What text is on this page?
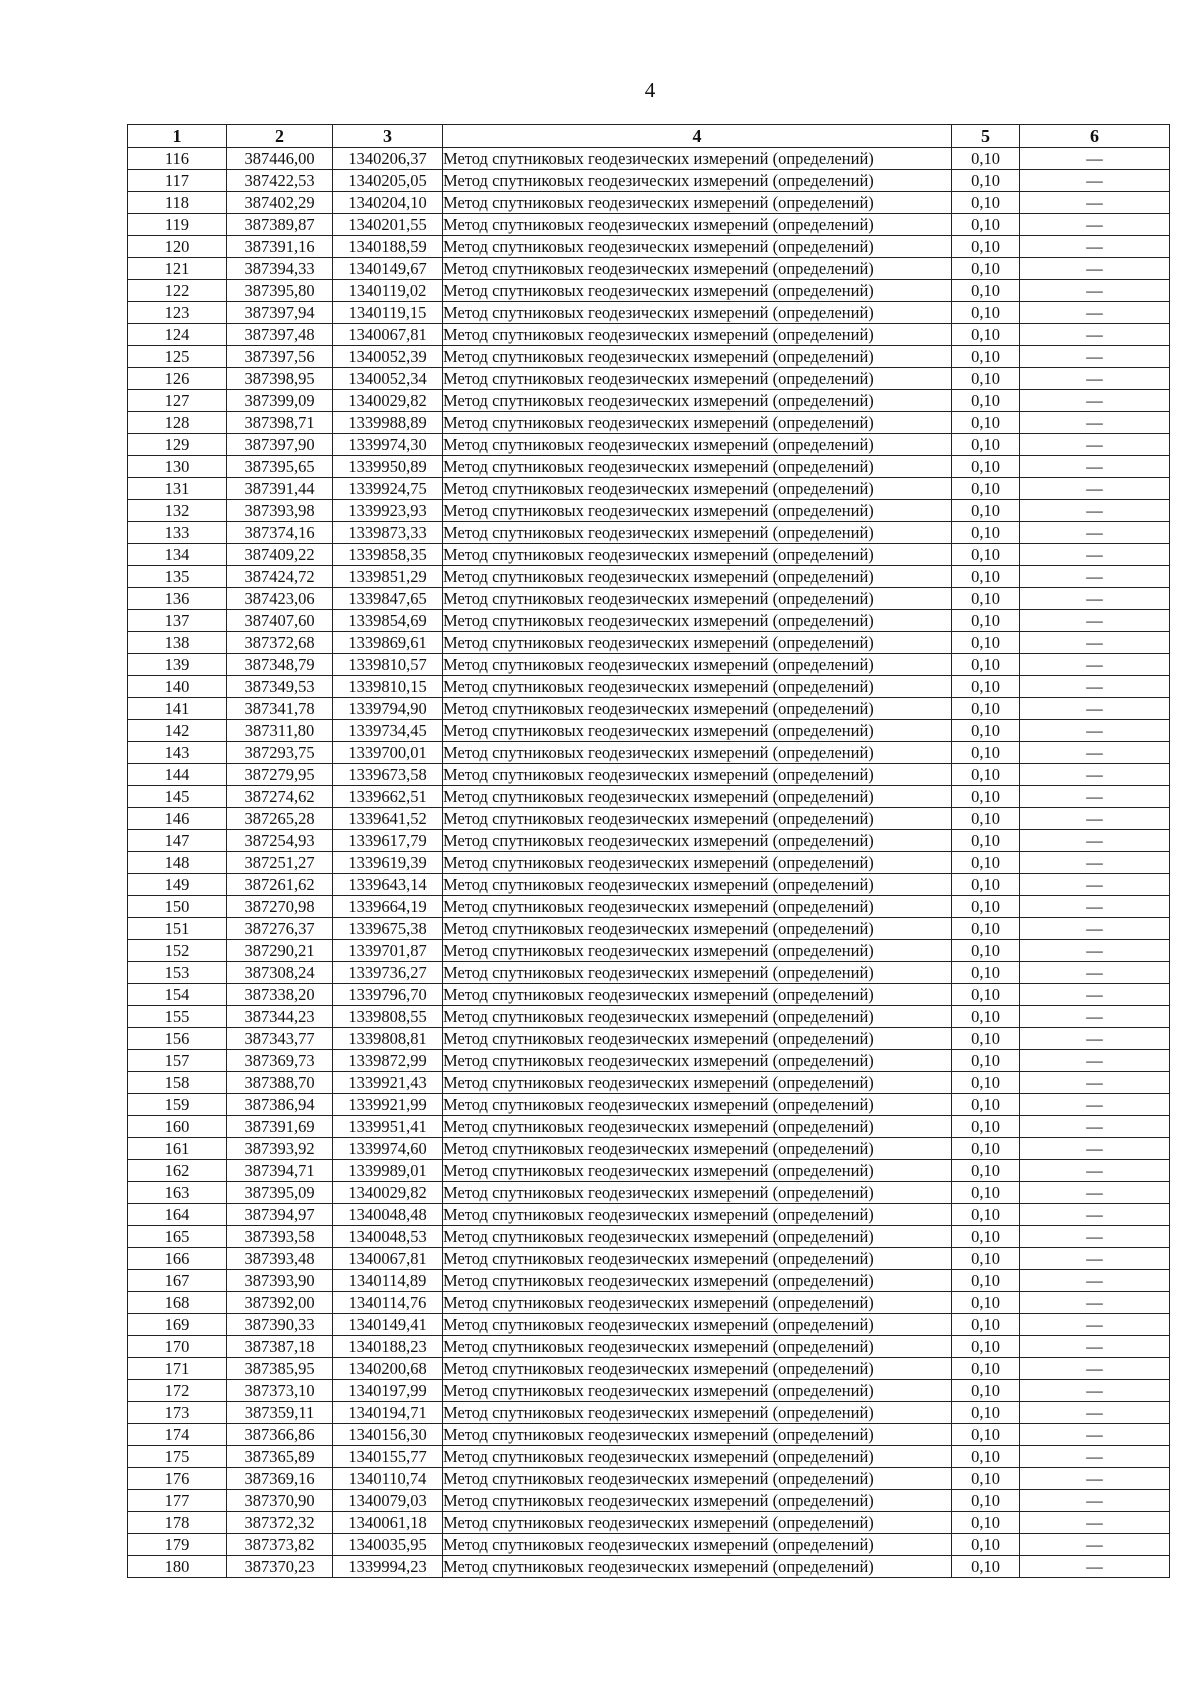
4
1	2	3	4	5	6
116	387446,00	1340206,37	Метод спутниковых геодезических измерений (определений)	0,10	—
117	387422,53	1340205,05	Метод спутниковых геодезических измерений (определений)	0,10	—
118	387402,29	1340204,10	Метод спутниковых геодезических измерений (определений)	0,10	—
119	387389,87	1340201,55	Метод спутниковых геодезических измерений (определений)	0,10	—
120	387391,16	1340188,59	Метод спутниковых геодезических измерений (определений)	0,10	—
121	387394,33	1340149,67	Метод спутниковых геодезических измерений (определений)	0,10	—
122	387395,80	1340119,02	Метод спутниковых геодезических измерений (определений)	0,10	—
123	387397,94	1340119,15	Метод спутниковых геодезических измерений (определений)	0,10	—
124	387397,48	1340067,81	Метод спутниковых геодезических измерений (определений)	0,10	—
125	387397,56	1340052,39	Метод спутниковых геодезических измерений (определений)	0,10	—
126	387398,95	1340052,34	Метод спутниковых геодезических измерений (определений)	0,10	—
127	387399,09	1340029,82	Метод спутниковых геодезических измерений (определений)	0,10	—
128	387398,71	1339988,89	Метод спутниковых геодезических измерений (определений)	0,10	—
129	387397,90	1339974,30	Метод спутниковых геодезических измерений (определений)	0,10	—
130	387395,65	1339950,89	Метод спутниковых геодезических измерений (определений)	0,10	—
131	387391,44	1339924,75	Метод спутниковых геодезических измерений (определений)	0,10	—
132	387393,98	1339923,93	Метод спутниковых геодезических измерений (определений)	0,10	—
133	387374,16	1339873,33	Метод спутниковых геодезических измерений (определений)	0,10	—
134	387409,22	1339858,35	Метод спутниковых геодезических измерений (определений)	0,10	—
135	387424,72	1339851,29	Метод спутниковых геодезических измерений (определений)	0,10	—
136	387423,06	1339847,65	Метод спутниковых геодезических измерений (определений)	0,10	—
137	387407,60	1339854,69	Метод спутниковых геодезических измерений (определений)	0,10	—
138	387372,68	1339869,61	Метод спутниковых геодезических измерений (определений)	0,10	—
139	387348,79	1339810,57	Метод спутниковых геодезических измерений (определений)	0,10	—
140	387349,53	1339810,15	Метод спутниковых геодезических измерений (определений)	0,10	—
141	387341,78	1339794,90	Метод спутниковых геодезических измерений (определений)	0,10	—
142	387311,80	1339734,45	Метод спутниковых геодезических измерений (определений)	0,10	—
143	387293,75	1339700,01	Метод спутниковых геодезических измерений (определений)	0,10	—
144	387279,95	1339673,58	Метод спутниковых геодезических измерений (определений)	0,10	—
145	387274,62	1339662,51	Метод спутниковых геодезических измерений (определений)	0,10	—
146	387265,28	1339641,52	Метод спутниковых геодезических измерений (определений)	0,10	—
147	387254,93	1339617,79	Метод спутниковых геодезических измерений (определений)	0,10	—
148	387251,27	1339619,39	Метод спутниковых геодезических измерений (определений)	0,10	—
149	387261,62	1339643,14	Метод спутниковых геодезических измерений (определений)	0,10	—
150	387270,98	1339664,19	Метод спутниковых геодезических измерений (определений)	0,10	—
151	387276,37	1339675,38	Метод спутниковых геодезических измерений (определений)	0,10	—
152	387290,21	1339701,87	Метод спутниковых геодезических измерений (определений)	0,10	—
153	387308,24	1339736,27	Метод спутниковых геодезических измерений (определений)	0,10	—
154	387338,20	1339796,70	Метод спутниковых геодезических измерений (определений)	0,10	—
155	387344,23	1339808,55	Метод спутниковых геодезических измерений (определений)	0,10	—
156	387343,77	1339808,81	Метод спутниковых геодезических измерений (определений)	0,10	—
157	387369,73	1339872,99	Метод спутниковых геодезических измерений (определений)	0,10	—
158	387388,70	1339921,43	Метод спутниковых геодезических измерений (определений)	0,10	—
159	387386,94	1339921,99	Метод спутниковых геодезических измерений (определений)	0,10	—
160	387391,69	1339951,41	Метод спутниковых геодезических измерений (определений)	0,10	—
161	387393,92	1339974,60	Метод спутниковых геодезических измерений (определений)	0,10	—
162	387394,71	1339989,01	Метод спутниковых геодезических измерений (определений)	0,10	—
163	387395,09	1340029,82	Метод спутниковых геодезических измерений (определений)	0,10	—
164	387394,97	1340048,48	Метод спутниковых геодезических измерений (определений)	0,10	—
165	387393,58	1340048,53	Метод спутниковых геодезических измерений (определений)	0,10	—
166	387393,48	1340067,81	Метод спутниковых геодезических измерений (определений)	0,10	—
167	387393,90	1340114,89	Метод спутниковых геодезических измерений (определений)	0,10	—
168	387392,00	1340114,76	Метод спутниковых геодезических измерений (определений)	0,10	—
169	387390,33	1340149,41	Метод спутниковых геодезических измерений (определений)	0,10	—
170	387387,18	1340188,23	Метод спутниковых геодезических измерений (определений)	0,10	—
171	387385,95	1340200,68	Метод спутниковых геодезических измерений (определений)	0,10	—
172	387373,10	1340197,99	Метод спутниковых геодезических измерений (определений)	0,10	—
173	387359,11	1340194,71	Метод спутниковых геодезических измерений (определений)	0,10	—
174	387366,86	1340156,30	Метод спутниковых геодезических измерений (определений)	0,10	—
175	387365,89	1340155,77	Метод спутниковых геодезических измерений (определений)	0,10	—
176	387369,16	1340110,74	Метод спутниковых геодезических измерений (определений)	0,10	—
177	387370,90	1340079,03	Метод спутниковых геодезических измерений (определений)	0,10	—
178	387372,32	1340061,18	Метод спутниковых геодезических измерений (определений)	0,10	—
179	387373,82	1340035,95	Метод спутниковых геодезических измерений (определений)	0,10	—
180	387370,23	1339994,23	Метод спутниковых геодезических измерений (определений)	0,10	—
